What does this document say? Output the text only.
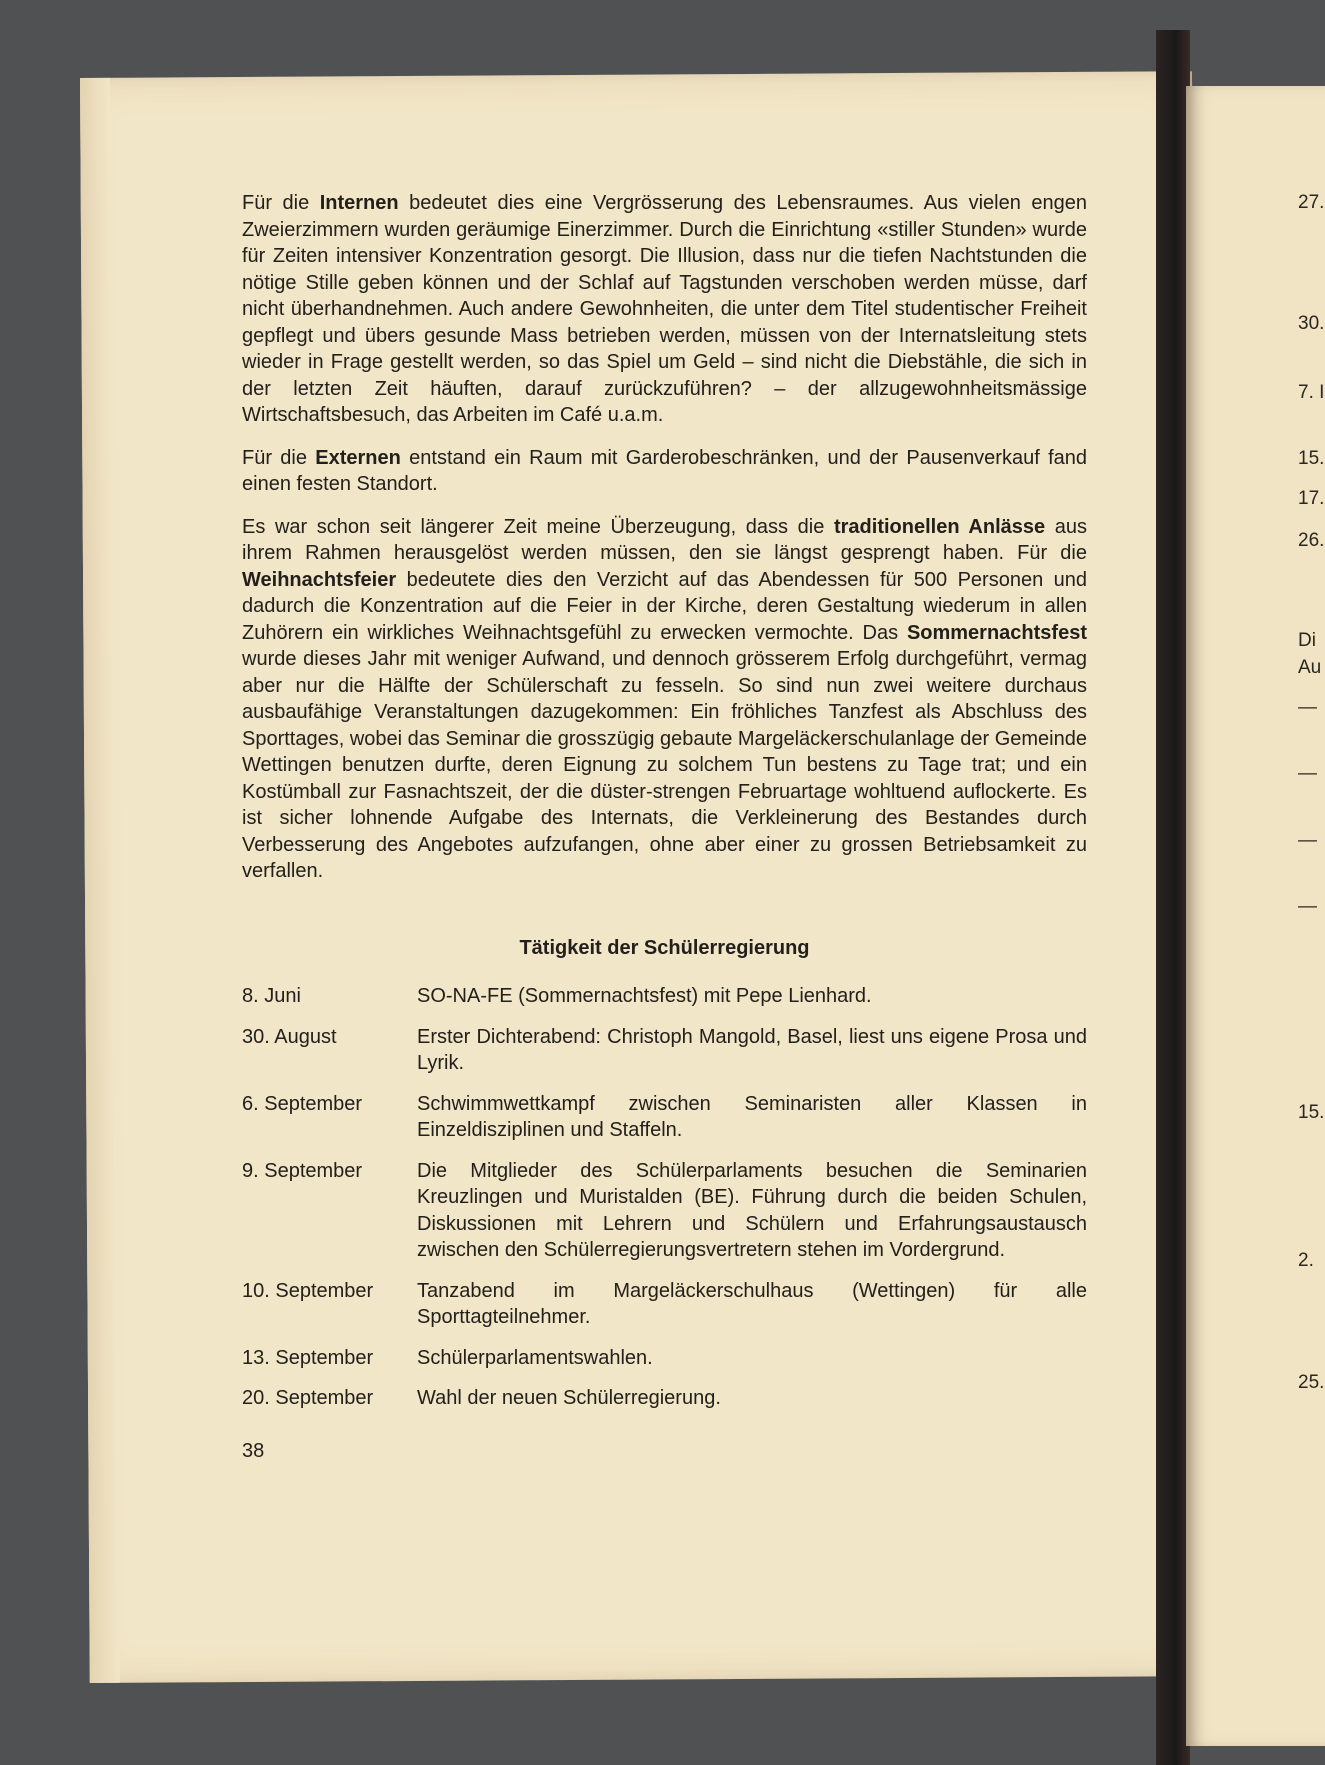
27.
30.
7. I
15.
17.
26.
Di
Au
—
—
—
—
15.
2.
25.

Für die Internen bedeutet dies eine Vergrösserung des Lebensraumes. Aus vielen engen Zweierzimmern wurden geräumige Einerzimmer. Durch die Einrichtung «stiller Stunden» wurde für Zeiten intensiver Konzentration gesorgt. Die Illusion, dass nur die tiefen Nachtstunden die nötige Stille geben können und der Schlaf auf Tagstunden verschoben werden müsse, darf nicht überhandnehmen. Auch andere Gewohnheiten, die unter dem Titel studentischer Freiheit gepflegt und übers gesunde Mass betrieben werden, müssen von der Internatsleitung stets wieder in Frage gestellt werden, so das Spiel um Geld – sind nicht die Diebstähle, die sich in der letzten Zeit häuften, darauf zurückzuführen? – der allzugewohnheitsmässige Wirtschaftsbesuch, das Arbeiten im Café u.a.m.

Für die Externen entstand ein Raum mit Garderobeschränken, und der Pausenverkauf fand einen festen Standort.

Es war schon seit längerer Zeit meine Überzeugung, dass die traditionellen Anlässe aus ihrem Rahmen herausgelöst werden müssen, den sie längst gesprengt haben. Für die Weihnachtsfeier bedeutete dies den Verzicht auf das Abendessen für 500 Personen und dadurch die Konzentration auf die Feier in der Kirche, deren Gestaltung wiederum in allen Zuhörern ein wirkliches Weihnachtsgefühl zu erwecken vermochte. Das Sommernachtsfest wurde dieses Jahr mit weniger Aufwand, und dennoch grösserem Erfolg durchgeführt, vermag aber nur die Hälfte der Schülerschaft zu fesseln. So sind nun zwei weitere durchaus ausbaufähige Veranstaltungen dazugekommen: Ein fröhliches Tanzfest als Abschluss des Sporttages, wobei das Seminar die grosszügig gebaute Margeläckerschulanlage der Gemeinde Wettingen benutzen durfte, deren Eignung zu solchem Tun bestens zu Tage trat; und ein Kostümball zur Fasnachtszeit, der die düster-strengen Februartage wohltuend auflockerte. Es ist sicher lohnende Aufgabe des Internats, die Verkleinerung des Bestandes durch Verbesserung des Angebotes aufzufangen, ohne aber einer zu grossen Betriebsamkeit zu verfallen.

Tätigkeit der Schülerregierung
8. Juni	SO-NA-FE (Sommernachtsfest) mit Pepe Lienhard.
30. August	Erster Dichterabend: Christoph Mangold, Basel, liest uns eigene Prosa und Lyrik.
6. September	Schwimmwettkampf zwischen Seminaristen aller Klassen in Einzeldisziplinen und Staffeln.
9. September	Die Mitglieder des Schülerparlaments besuchen die Seminarien Kreuzlingen und Muristalden (BE). Führung durch die beiden Schulen, Diskussionen mit Lehrern und Schülern und Erfahrungsaustausch zwischen den Schülerregierungsvertretern stehen im Vordergrund.
10. September	Tanzabend im Margeläckerschulhaus (Wettingen) für alle Sporttagteilnehmer.
13. September	Schülerparlamentswahlen.
20. September	Wahl der neuen Schülerregierung.
38
